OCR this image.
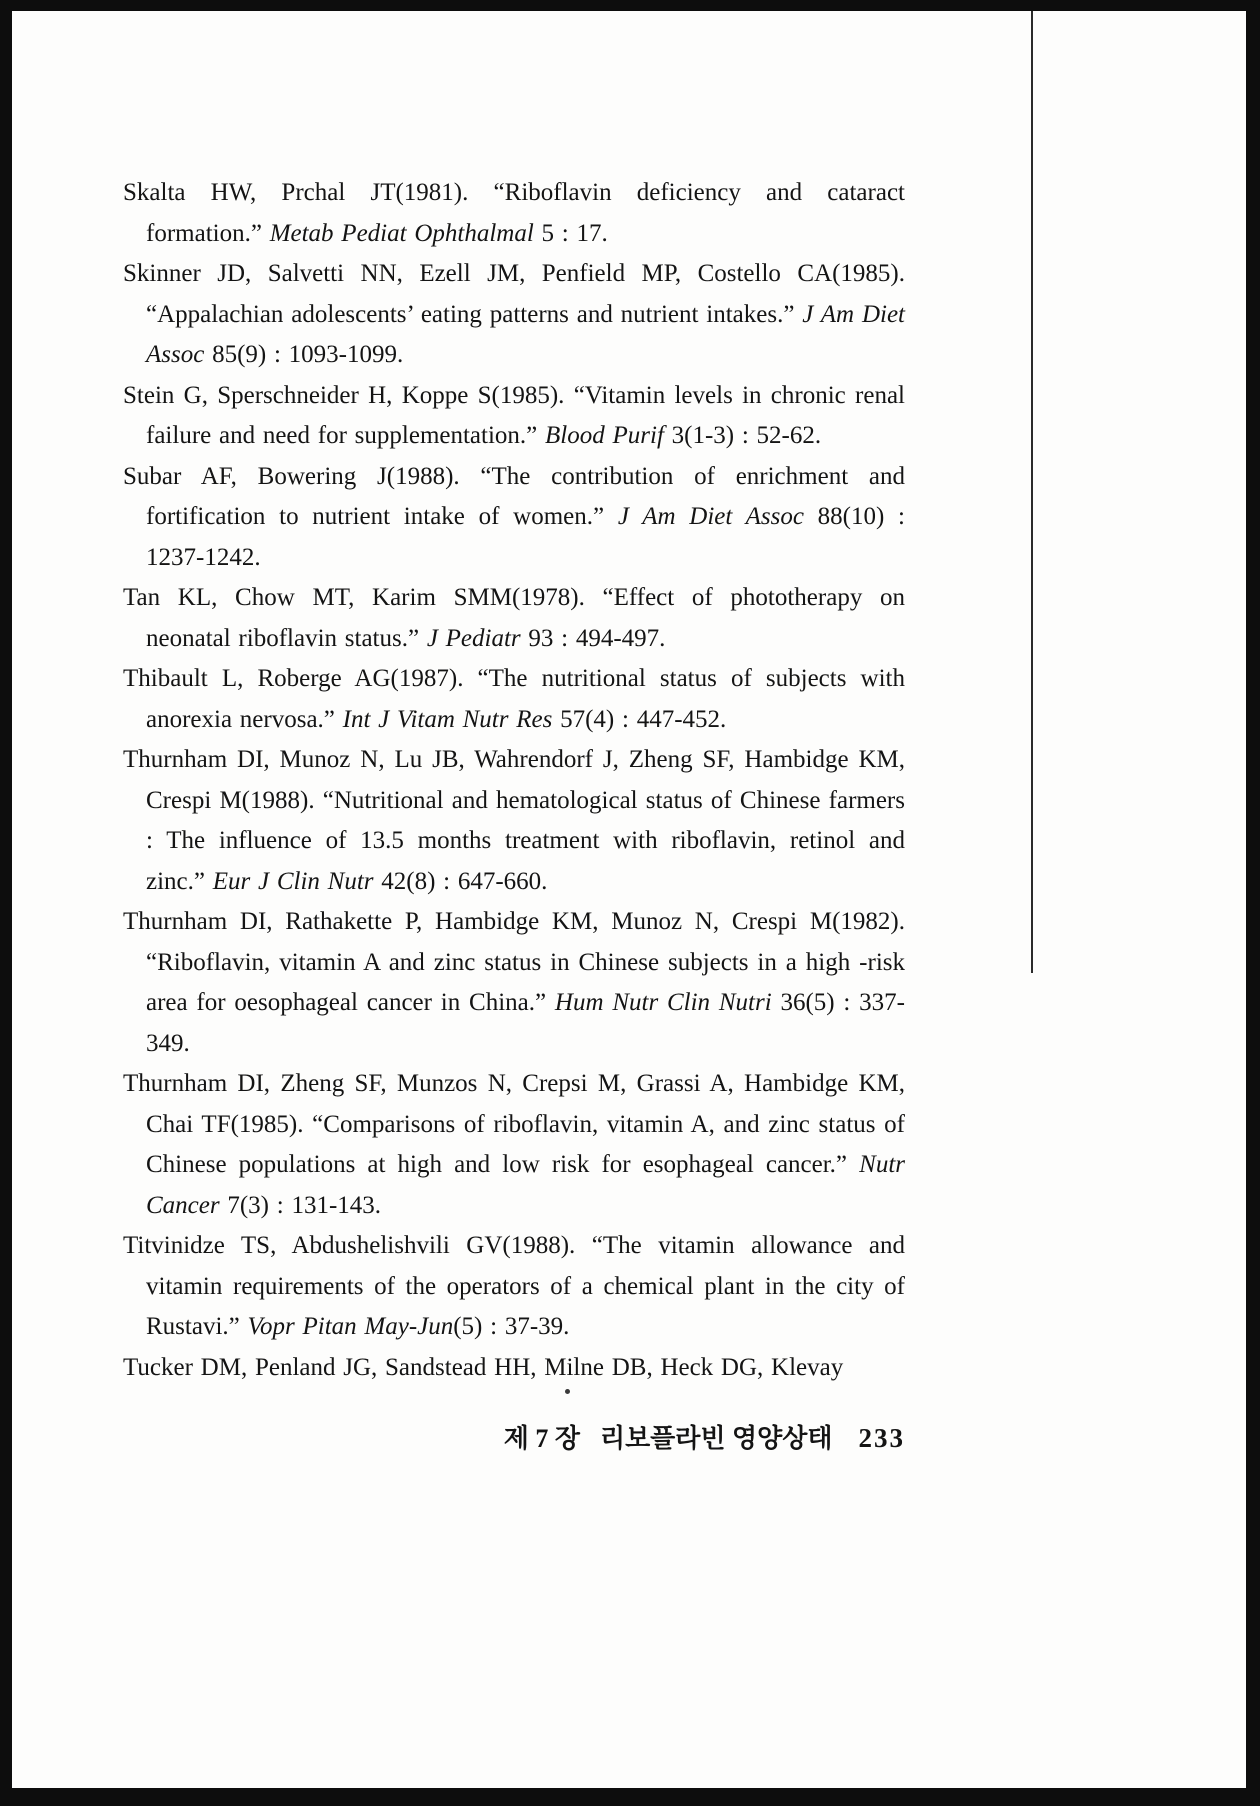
Skalta HW, Prchal JT(1981). “Riboflavin deficiency and cataract formation.” Metab Pediat Ophthalmal 5 : 17.

Skinner JD, Salvetti NN, Ezell JM, Penfield MP, Costello CA(1985). “Appalachian adolescents’ eating patterns and nutrient intakes.” J Am Diet Assoc 85(9) : 1093-1099.

Stein G, Sperschneider H, Koppe S(1985). “Vitamin levels in chronic renal failure and need for supplementation.” Blood Purif 3(1-3) : 52-62.

Subar AF, Bowering J(1988). “The contribution of enrichment and fortification to nutrient intake of women.” J Am Diet Assoc 88(10) : 1237-1242.

Tan KL, Chow MT, Karim SMM(1978). “Effect of phototherapy on neonatal riboflavin status.” J Pediatr 93 : 494-497.

Thibault L, Roberge AG(1987). “The nutritional status of subjects with anorexia nervosa.” Int J Vitam Nutr Res 57(4) : 447-452.

Thurnham DI, Munoz N, Lu JB, Wahrendorf J, Zheng SF, Hambidge KM, Crespi M(1988). “Nutritional and hematological status of Chinese farmers : The influence of 13.5 months treatment with riboflavin, retinol and zinc.” Eur J Clin Nutr 42(8) : 647-660.

Thurnham DI, Rathakette P, Hambidge KM, Munoz N, Crespi M(1982). “Riboflavin, vitamin A and zinc status in Chinese subjects in a high -risk area for oesophageal cancer in China.” Hum Nutr Clin Nutri 36(5) : 337-349.

Thurnham DI, Zheng SF, Munzos N, Crepsi M, Grassi A, Hambidge KM, Chai TF(1985). “Comparisons of riboflavin, vitamin A, and zinc status of Chinese populations at high and low risk for esophageal cancer.” Nutr Cancer 7(3) : 131-143.

Titvinidze TS, Abdushelishvili GV(1988). “The vitamin allowance and vitamin requirements of the operators of a chemical plant in the city of Rustavi.” Vopr Pitan May-Jun(5) : 37-39.

Tucker DM, Penland JG, Sandstead HH, Milne DB, Heck DG, Klevay

제 7 장 리보플라빈 영양상태 233
